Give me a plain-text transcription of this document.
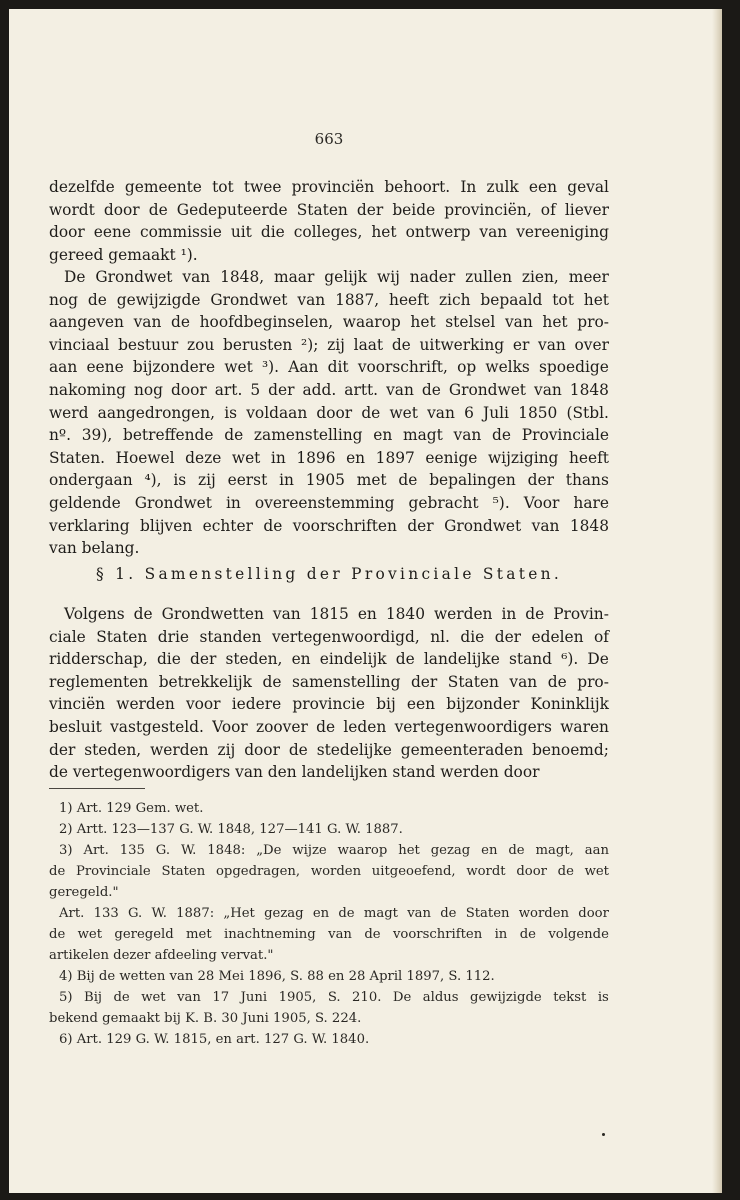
663
dezelfde gemeente tot twee provinciën behoort. In zulk een geval
wordt door de Gedeputeerde Staten der beide provinciën, of liever
door eene commissie uit die colleges, het ontwerp van vereeniging
gereed gemaakt ¹).
De Grondwet van 1848, maar gelijk wij nader zullen zien, meer
nog de gewijzigde Grondwet van 1887, heeft zich bepaald tot het
aangeven van de hoofdbeginselen, waarop het stelsel van het pro-
vinciaal bestuur zou berusten ²); zij laat de uitwerking er van over
aan eene bijzondere wet ³). Aan dit voorschrift, op welks spoedige
nakoming nog door art. 5 der add. artt. van de Grondwet van 1848
werd aangedrongen, is voldaan door de wet van 6 Juli 1850 (Stbl.
nº. 39), betreffende de zamenstelling en magt van de Provinciale
Staten. Hoewel deze wet in 1896 en 1897 eenige wijziging heeft
ondergaan ⁴), is zij eerst in 1905 met de bepalingen der thans
geldende Grondwet in overeenstemming gebracht ⁵). Voor hare
verklaring blijven echter de voorschriften der Grondwet van 1848
van belang.
§ 1. Samenstelling der Provinciale Staten.
Volgens de Grondwetten van 1815 en 1840 werden in de Provin-
ciale Staten drie standen vertegenwoordigd, nl. die der edelen of
ridderschap, die der steden, en eindelijk de landelijke stand ⁶). De
reglementen betrekkelijk de samenstelling der Staten van de pro-
vinciën werden voor iedere provincie bij een bijzonder Koninklijk
besluit vastgesteld. Voor zoover de leden vertegenwoordigers waren
der steden, werden zij door de stedelijke gemeenteraden benoemd;
de vertegenwoordigers van den landelijken stand werden door
1) Art. 129 Gem. wet.
2) Artt. 123—137 G. W. 1848, 127—141 G. W. 1887.
3) Art. 135 G. W. 1848: „De wijze waarop het gezag en de magt, aan
de Provinciale Staten opgedragen, worden uitgeoefend, wordt door de wet
geregeld."
Art. 133 G. W. 1887: „Het gezag en de magt van de Staten worden door
de wet geregeld met inachtneming van de voorschriften in de volgende
artikelen dezer afdeeling vervat."
4) Bij de wetten van 28 Mei 1896, S. 88 en 28 April 1897, S. 112.
5) Bij de wet van 17 Juni 1905, S. 210. De aldus gewijzigde tekst is
bekend gemaakt bij K. B. 30 Juni 1905, S. 224.
6) Art. 129 G. W. 1815, en art. 127 G. W. 1840.
